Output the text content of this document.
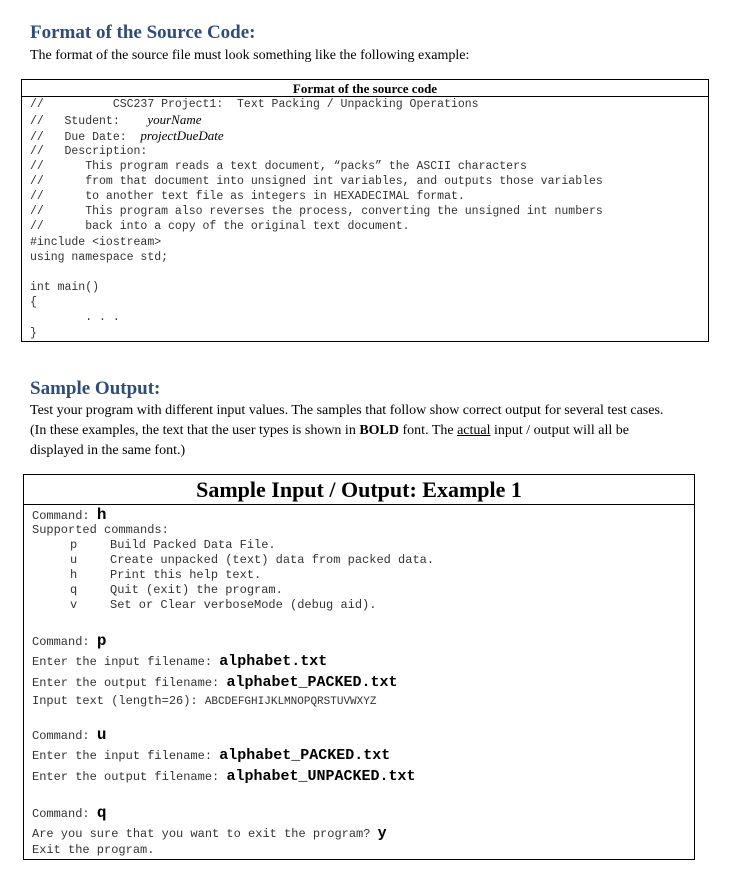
Format of the Source Code:

The format of the source file must look something like the following example:

Format of the source code
//          CSC237 Project1:  Text Packing / Unpacking Operations
//   Student:    yourName
//   Due Date:  projectDueDate
//   Description:
//      This program reads a text document, “packs” the ASCII characters
//      from that document into unsigned int variables, and outputs those variables
//      to another text file as integers in HEXADECIMAL format.
//      This program also reverses the process, converting the unsigned int numbers
//      back into a copy of the original text document.
#include <iostream>
using namespace std;
int main()
{
. . .
}
Sample Output:

Test your program with different input values. The samples that follow show correct output for several test cases.

(In these examples, the text that the user types is shown in BOLD font. The actual input / output will all be

displayed in the same font.)

Sample Input / Output: Example 1
Command: h
Supported commands:
p	Build Packed Data File.
u	Create unpacked (text) data from packed data.
h	Print this help text.
q	Quit (exit) the program.
v	Set or Clear verboseMode (debug aid).
Command: p
Enter the input filename: alphabet.txt
Enter the output filename: alphabet_PACKED.txt
Input text (length=26): ABCDEFGHIJKLMNOPQRSTUVWXYZ
Command: u
Enter the input filename: alphabet_PACKED.txt
Enter the output filename: alphabet_UNPACKED.txt
Command: q
Are you sure that you want to exit the program? y
Exit the program.
